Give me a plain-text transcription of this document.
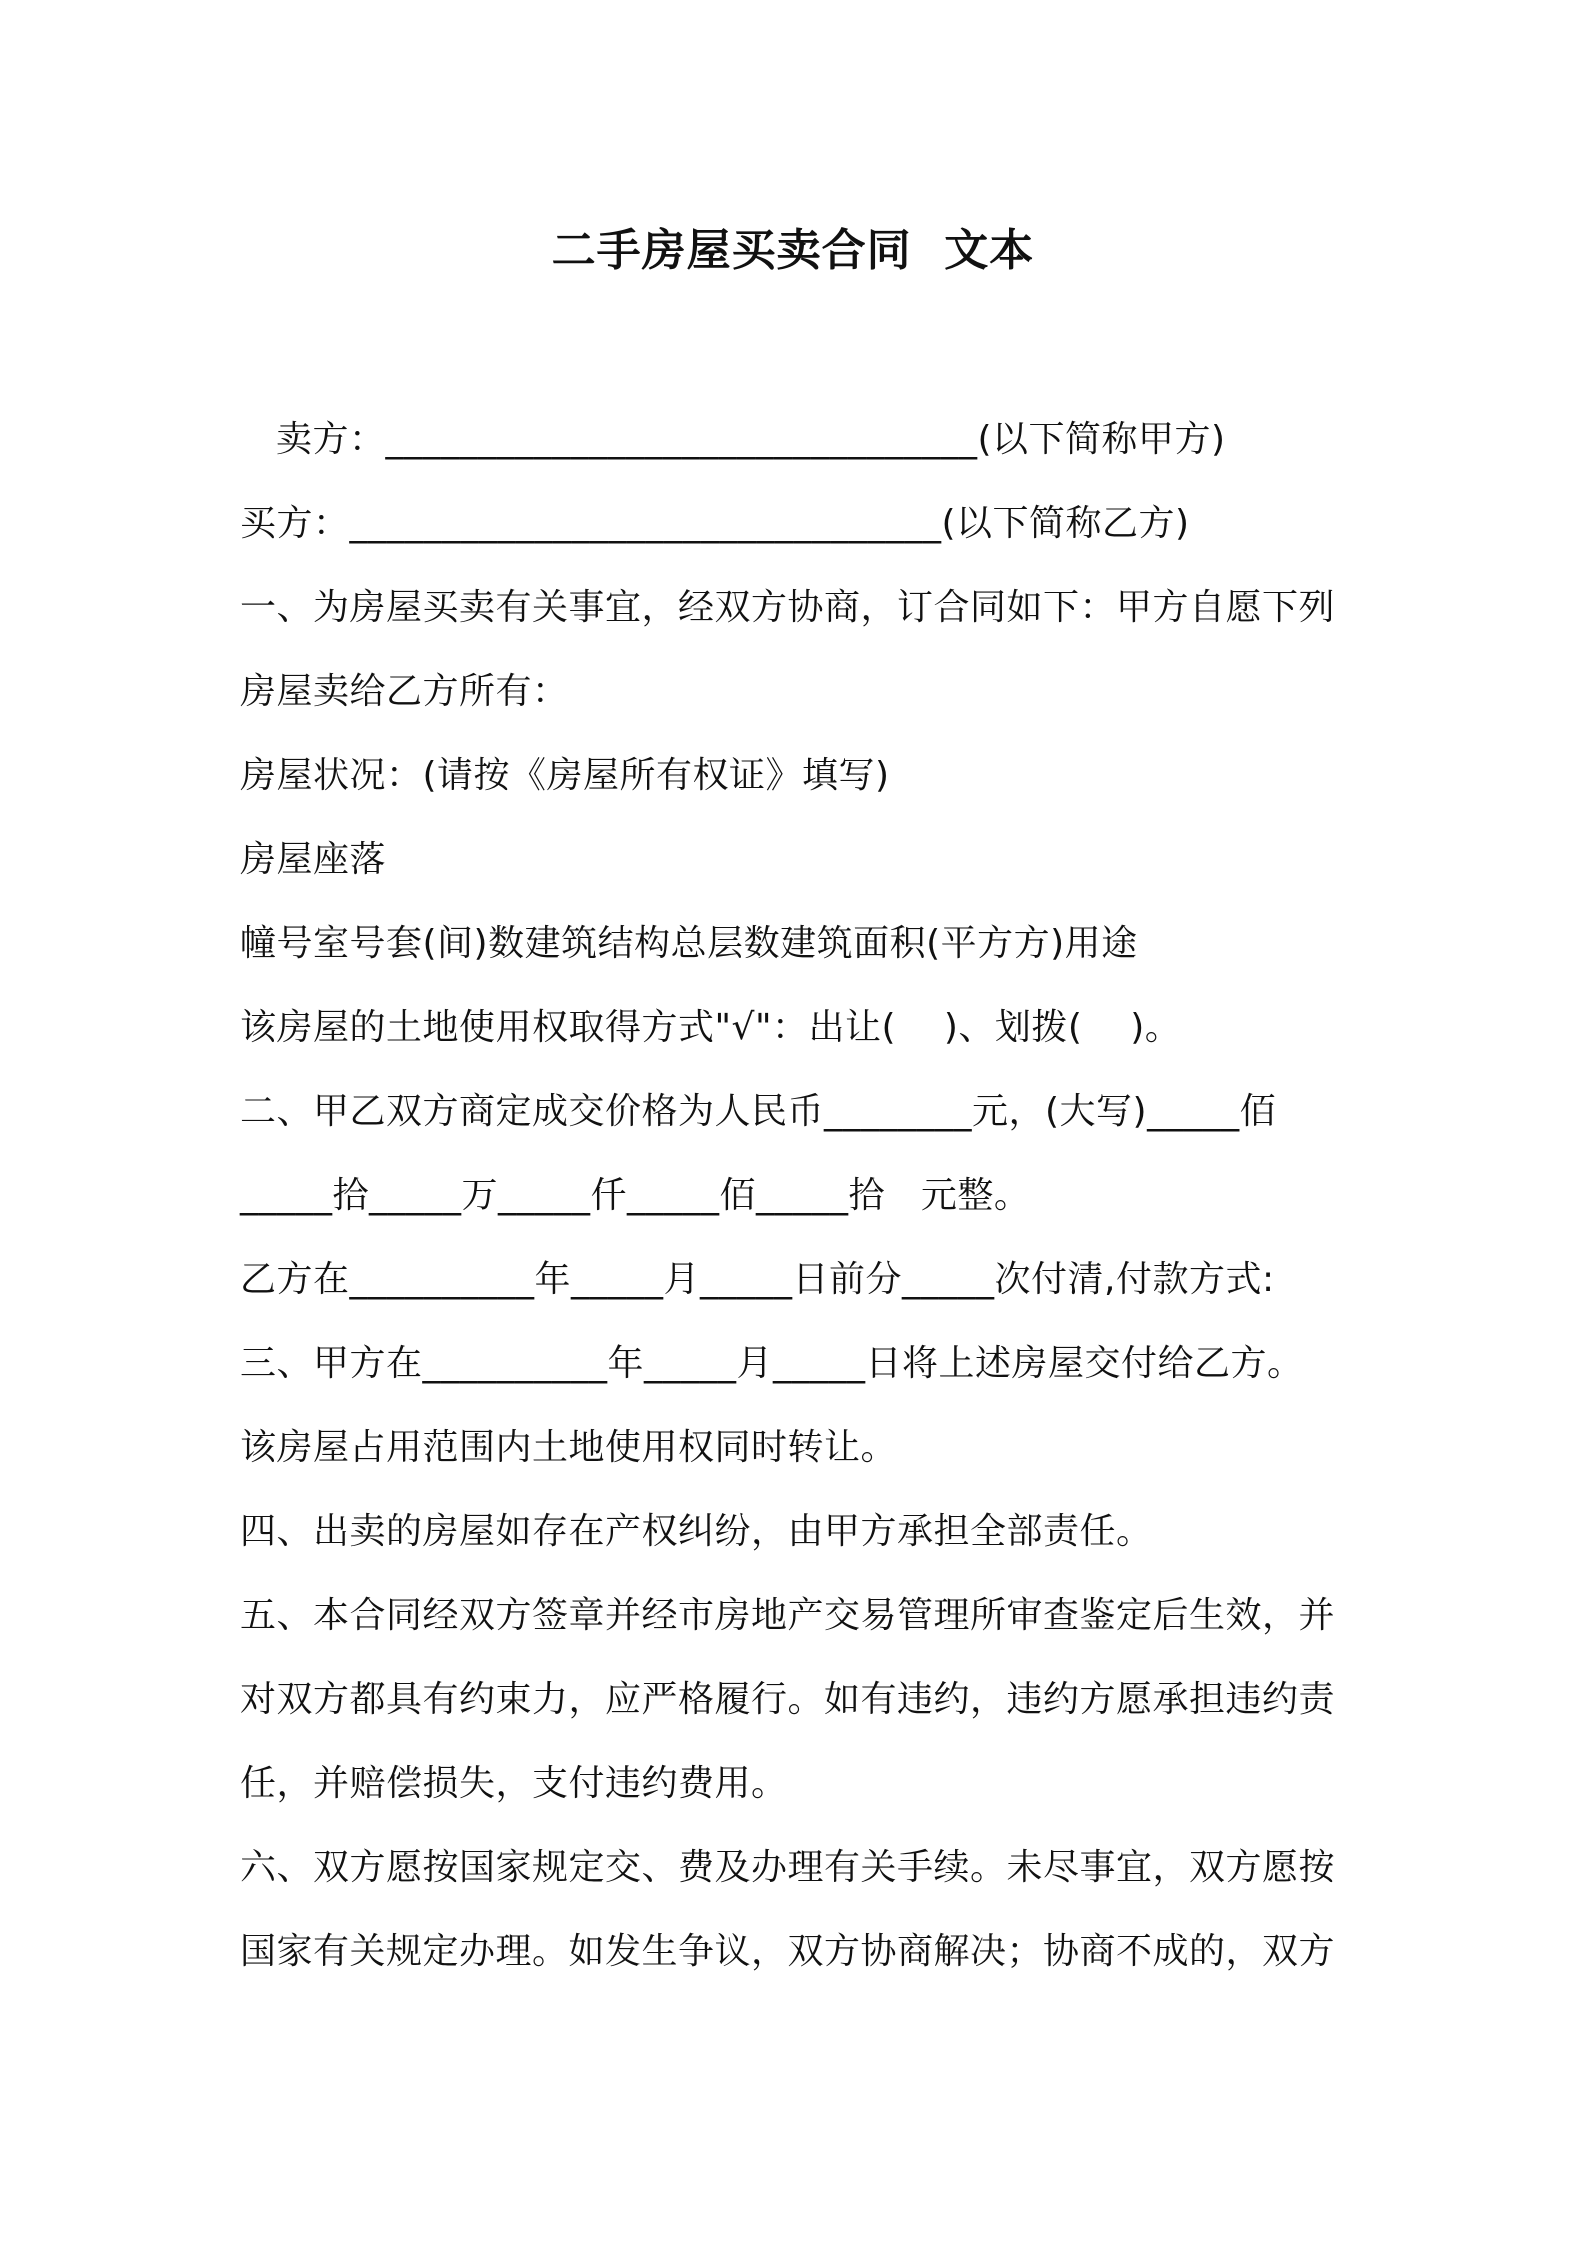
二手房屋买卖合同  文本
卖方：________________________________(以下简称甲方)
买方：________________________________(以下简称乙方)
一、为房屋买卖有关事宜，经双方协商，订合同如下：甲方自愿下列
房屋卖给乙方所有：
房屋状况：(请按《房屋所有权证》填写)
房屋座落
幢号室号套(间)数建筑结构总层数建筑面积(平方方)用途
该房屋的土地使用权取得方式"√"：出让(    )、划拨(    )。
二、甲乙双方商定成交价格为人民币________元，(大写)_____佰
_____拾_____万_____仟_____佰_____拾   元整。
乙方在__________年_____月_____日前分_____次付清,付款方式:
三、甲方在__________年_____月_____日将上述房屋交付给乙方。
该房屋占用范围内土地使用权同时转让。
四、出卖的房屋如存在产权纠纷，由甲方承担全部责任。
五、本合同经双方签章并经市房地产交易管理所审查鉴定后生效，并
对双方都具有约束力，应严格履行。如有违约，违约方愿承担违约责
任，并赔偿损失，支付违约费用。
六、双方愿按国家规定交、费及办理有关手续。未尽事宜，双方愿按
国家有关规定办理。如发生争议，双方协商解决；协商不成的，双方
